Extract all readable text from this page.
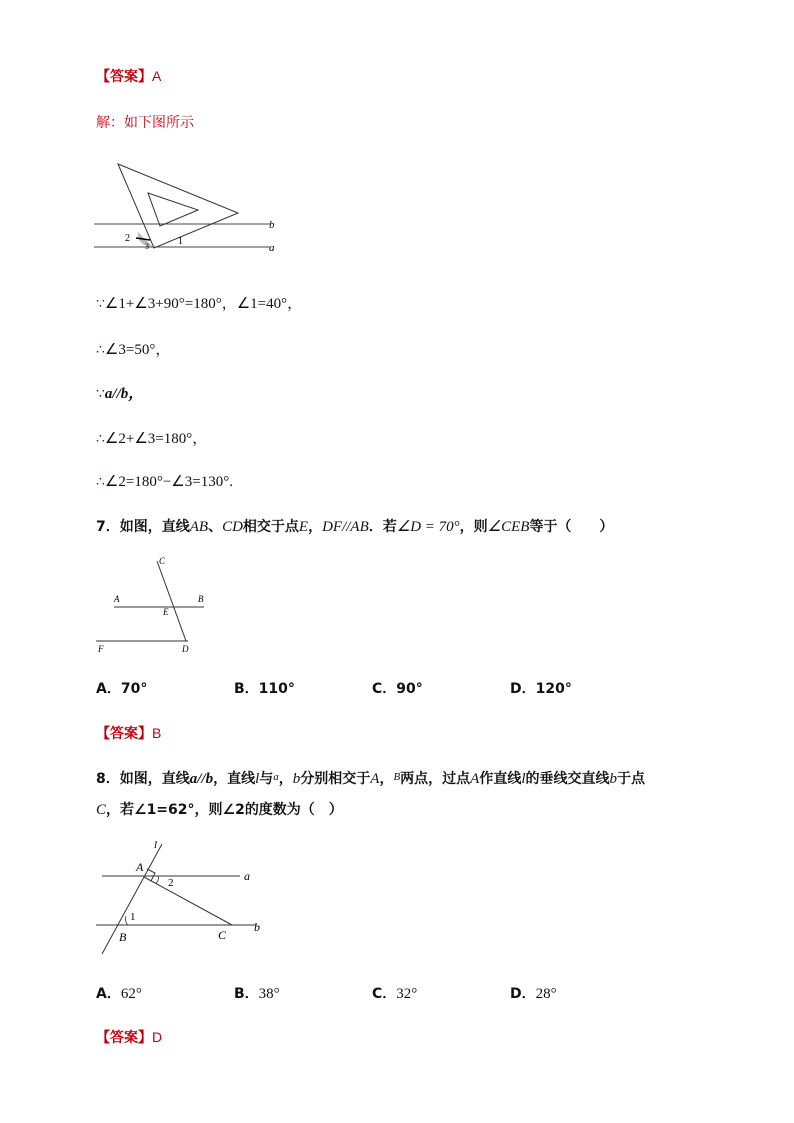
【答案】A
解：如下图所示
b
a
1
2
3
∵∠1+∠3+90°=180°，∠1=40°，
∴∠3=50°，
∵a//b，
∴∠2+∠3=180°，
∴∠2=180°−∠3=130°.
7．如图，直线AB、CD相交于点E，DF//AB．若∠D = 70°，则∠CEB等于（　　）
C
A	B
E
F	D
A．70°	B．110°	C．90°	D．120°
【答案】B
8．如图，直线a//b，直线l与$^a$，b分别相交于A，$^B$两点，过点A作直线l的垂线交直线b于点
C，若∠1=62°，则∠2的度数为（　）
l
A
a
2
1
B	C
b
A．62°	B．38°	C．32°	D．28°
【答案】D
